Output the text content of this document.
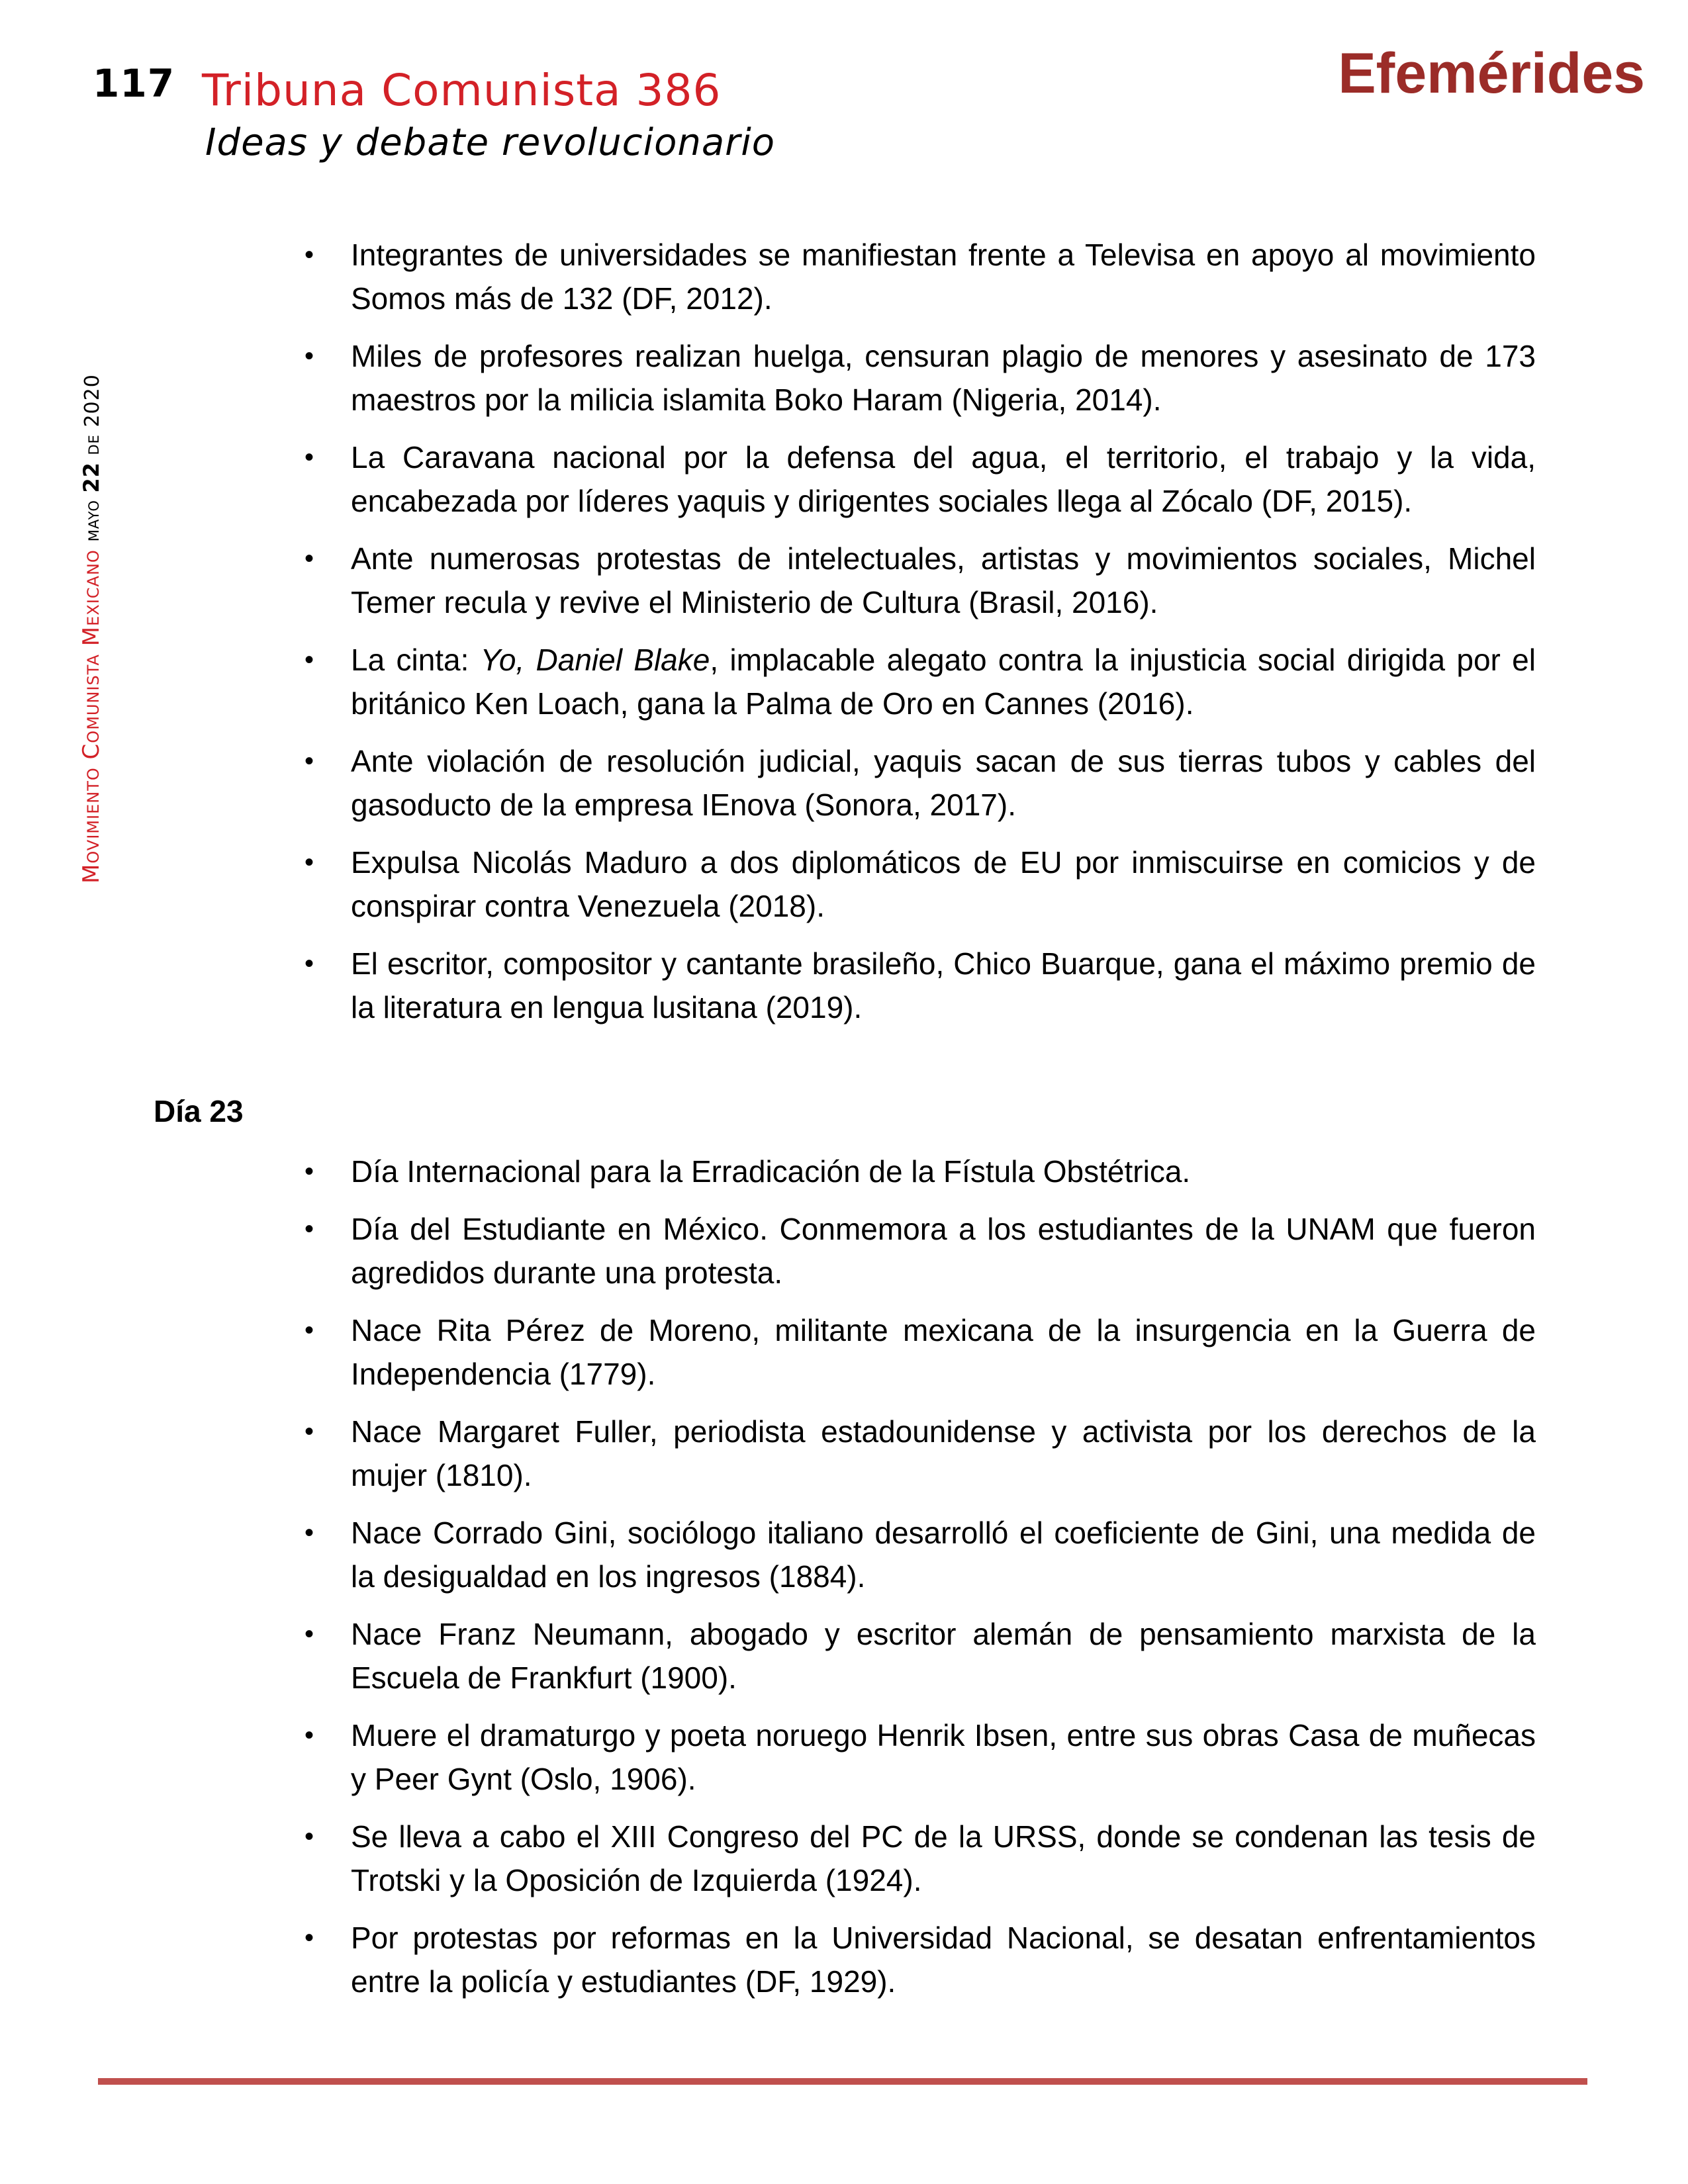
117 Tribuna Comunista 386
Ideas y debate revolucionario
Efemérides
Movimiento Comunista Mexicanomayo 22 de 2020
• Integrantes de universidades se manifiestan frente a Televisa en apoyo al movimiento Somos más de 132 (DF, 2012).
• Miles de profesores realizan huelga, censuran plagio de menores y asesinato de 173 maestros por la milicia islamita Boko Haram (Nigeria, 2014).
• La Caravana nacional por la defensa del agua, el territorio, el trabajo y la vida, encabezada por líderes yaquis y dirigentes sociales llega al Zócalo (DF, 2015).
• Ante numerosas protestas de intelectuales, artistas y movimientos sociales, Michel Temer recula y revive el Ministerio de Cultura (Brasil, 2016).
• La cinta: Yo, Daniel Blake, implacable alegato contra la injusticia social dirigida por el británico Ken Loach, gana la Palma de Oro en Cannes (2016).
• Ante violación de resolución judicial, yaquis sacan de sus tierras tubos y cables del gasoducto de la empresa IEnova (Sonora, 2017).
• Expulsa Nicolás Maduro a dos diplomáticos de EU por inmiscuirse en comicios y de conspirar contra Venezuela (2018).
• El escritor, compositor y cantante brasileño, Chico Buarque, gana el máximo premio de la literatura en lengua lusitana (2019).
Día 23
• Día Internacional para la Erradicación de la Fístula Obstétrica.
• Día del Estudiante en México. Conmemora a los estudiantes de la UNAM que fueron agredidos durante una protesta.
• Nace Rita Pérez de Moreno, militante mexicana de la insurgencia en la Guerra de Independencia (1779).
• Nace Margaret Fuller, periodista estadounidense y activista por los derechos de la mujer (1810).
• Nace Corrado Gini, sociólogo italiano desarrolló el coeficiente de Gini, una medida de la desigualdad en los ingresos (1884).
• Nace Franz Neumann, abogado y escritor alemán de pensamiento marxista de la Escuela de Frankfurt (1900).
• Muere el dramaturgo y poeta noruego Henrik Ibsen, entre sus obras Casa de muñecas y Peer Gynt (Oslo, 1906).
• Se lleva a cabo el XIII Congreso del PC de la URSS, donde se condenan las tesis de Trotski y la Oposición de Izquierda (1924).
• Por protestas por reformas en la Universidad Nacional, se desatan enfrentamientos entre la policía y estudiantes (DF, 1929).
